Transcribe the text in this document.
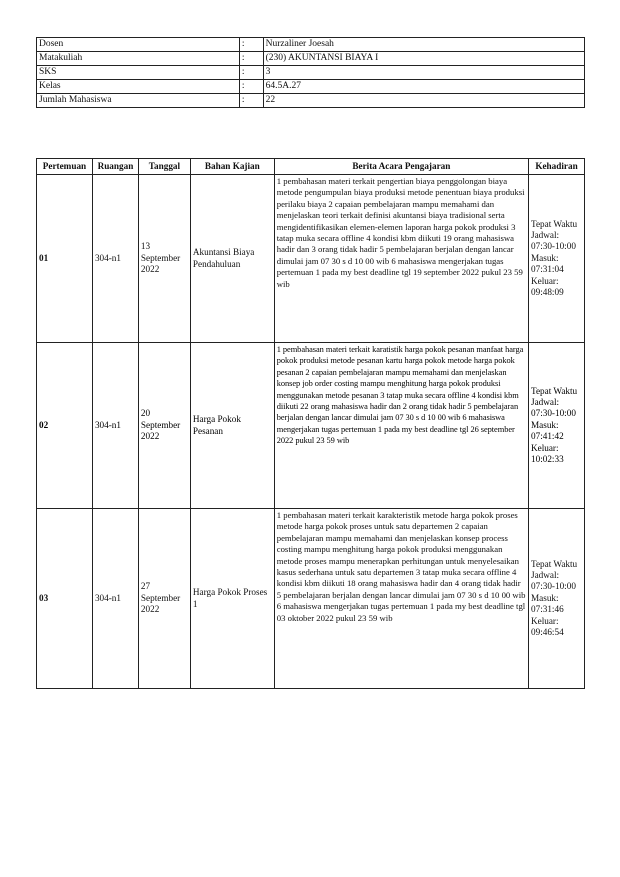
Dosen	:	Nurzaliner Joesah
Matakuliah	:	(230) AKUNTANSI BIAYA I
SKS	:	3
Kelas	:	64.5A.27
Jumlah Mahasiswa	:	22
Pertemuan	Ruangan	Tanggal	Bahan Kajian	Berita Acara Pengajaran	Kehadiran
01	304-n1	13 September 2022	Akuntansi Biaya Pendahuluan	1 pembahasan materi terkait pengertian biaya penggolongan biaya metode pengumpulan biaya produksi metode penentuan biaya produksi perilaku biaya 2 capaian pembelajaran mampu memahami dan menjelaskan teori terkait definisi akuntansi biaya tradisional serta mengidentifikasikan elemen-elemen laporan harga pokok produksi 3 tatap muka secara offline 4 kondisi kbm diikuti 19 orang mahasiswa hadir dan 3 orang tidak hadir 5 pembelajaran berjalan dengan lancar dimulai jam 07 30 s d 10 00 wib 6 mahasiswa mengerjakan tugas pertemuan 1 pada my best deadline tgl 19 september 2022 pukul 23 59 wib	Tepat Waktu Jadwal: 07:30-10:00 Masuk: 07:31:04 Keluar: 09:48:09
02	304-n1	20 September 2022	Harga Pokok Pesanan	1 pembahasan materi terkait karatistik harga pokok pesanan manfaat harga pokok produksi metode pesanan kartu harga pokok metode harga pokok pesanan 2 capaian pembelajaran mampu memahami dan menjelaskan konsep job order costing mampu menghitung harga pokok produksi menggunakan metode pesanan 3 tatap muka secara offline 4 kondisi kbm diikuti 22 orang mahasiswa hadir dan 2 orang tidak hadir 5 pembelajaran berjalan dengan lancar dimulai jam 07 30 s d 10 00 wib 6 mahasiswa mengerjakan tugas pertemuan 1 pada my best deadline tgl 26 september 2022 pukul 23 59 wib	Tepat Waktu Jadwal: 07:30-10:00 Masuk: 07:41:42 Keluar: 10:02:33
03	304-n1	27 September 2022	Harga Pokok Proses 1	1 pembahasan materi terkait karakteristik metode harga pokok proses metode harga pokok proses untuk satu departemen 2 capaian pembelajaran mampu memahami dan menjelaskan konsep process costing mampu menghitung harga pokok produksi menggunakan metode proses mampu menerapkan perhitungan untuk menyelesaikan kasus sederhana untuk satu departemen 3 tatap muka secara offline 4 kondisi kbm diikuti 18 orang mahasiswa hadir dan 4 orang tidak hadir 5 pembelajaran berjalan dengan lancar dimulai jam 07 30 s d 10 00 wib 6 mahasiswa mengerjakan tugas pertemuan 1 pada my best deadline tgl 03 oktober 2022 pukul 23 59 wib	Tepat Waktu Jadwal: 07:30-10:00 Masuk: 07:31:46 Keluar: 09:46:54
